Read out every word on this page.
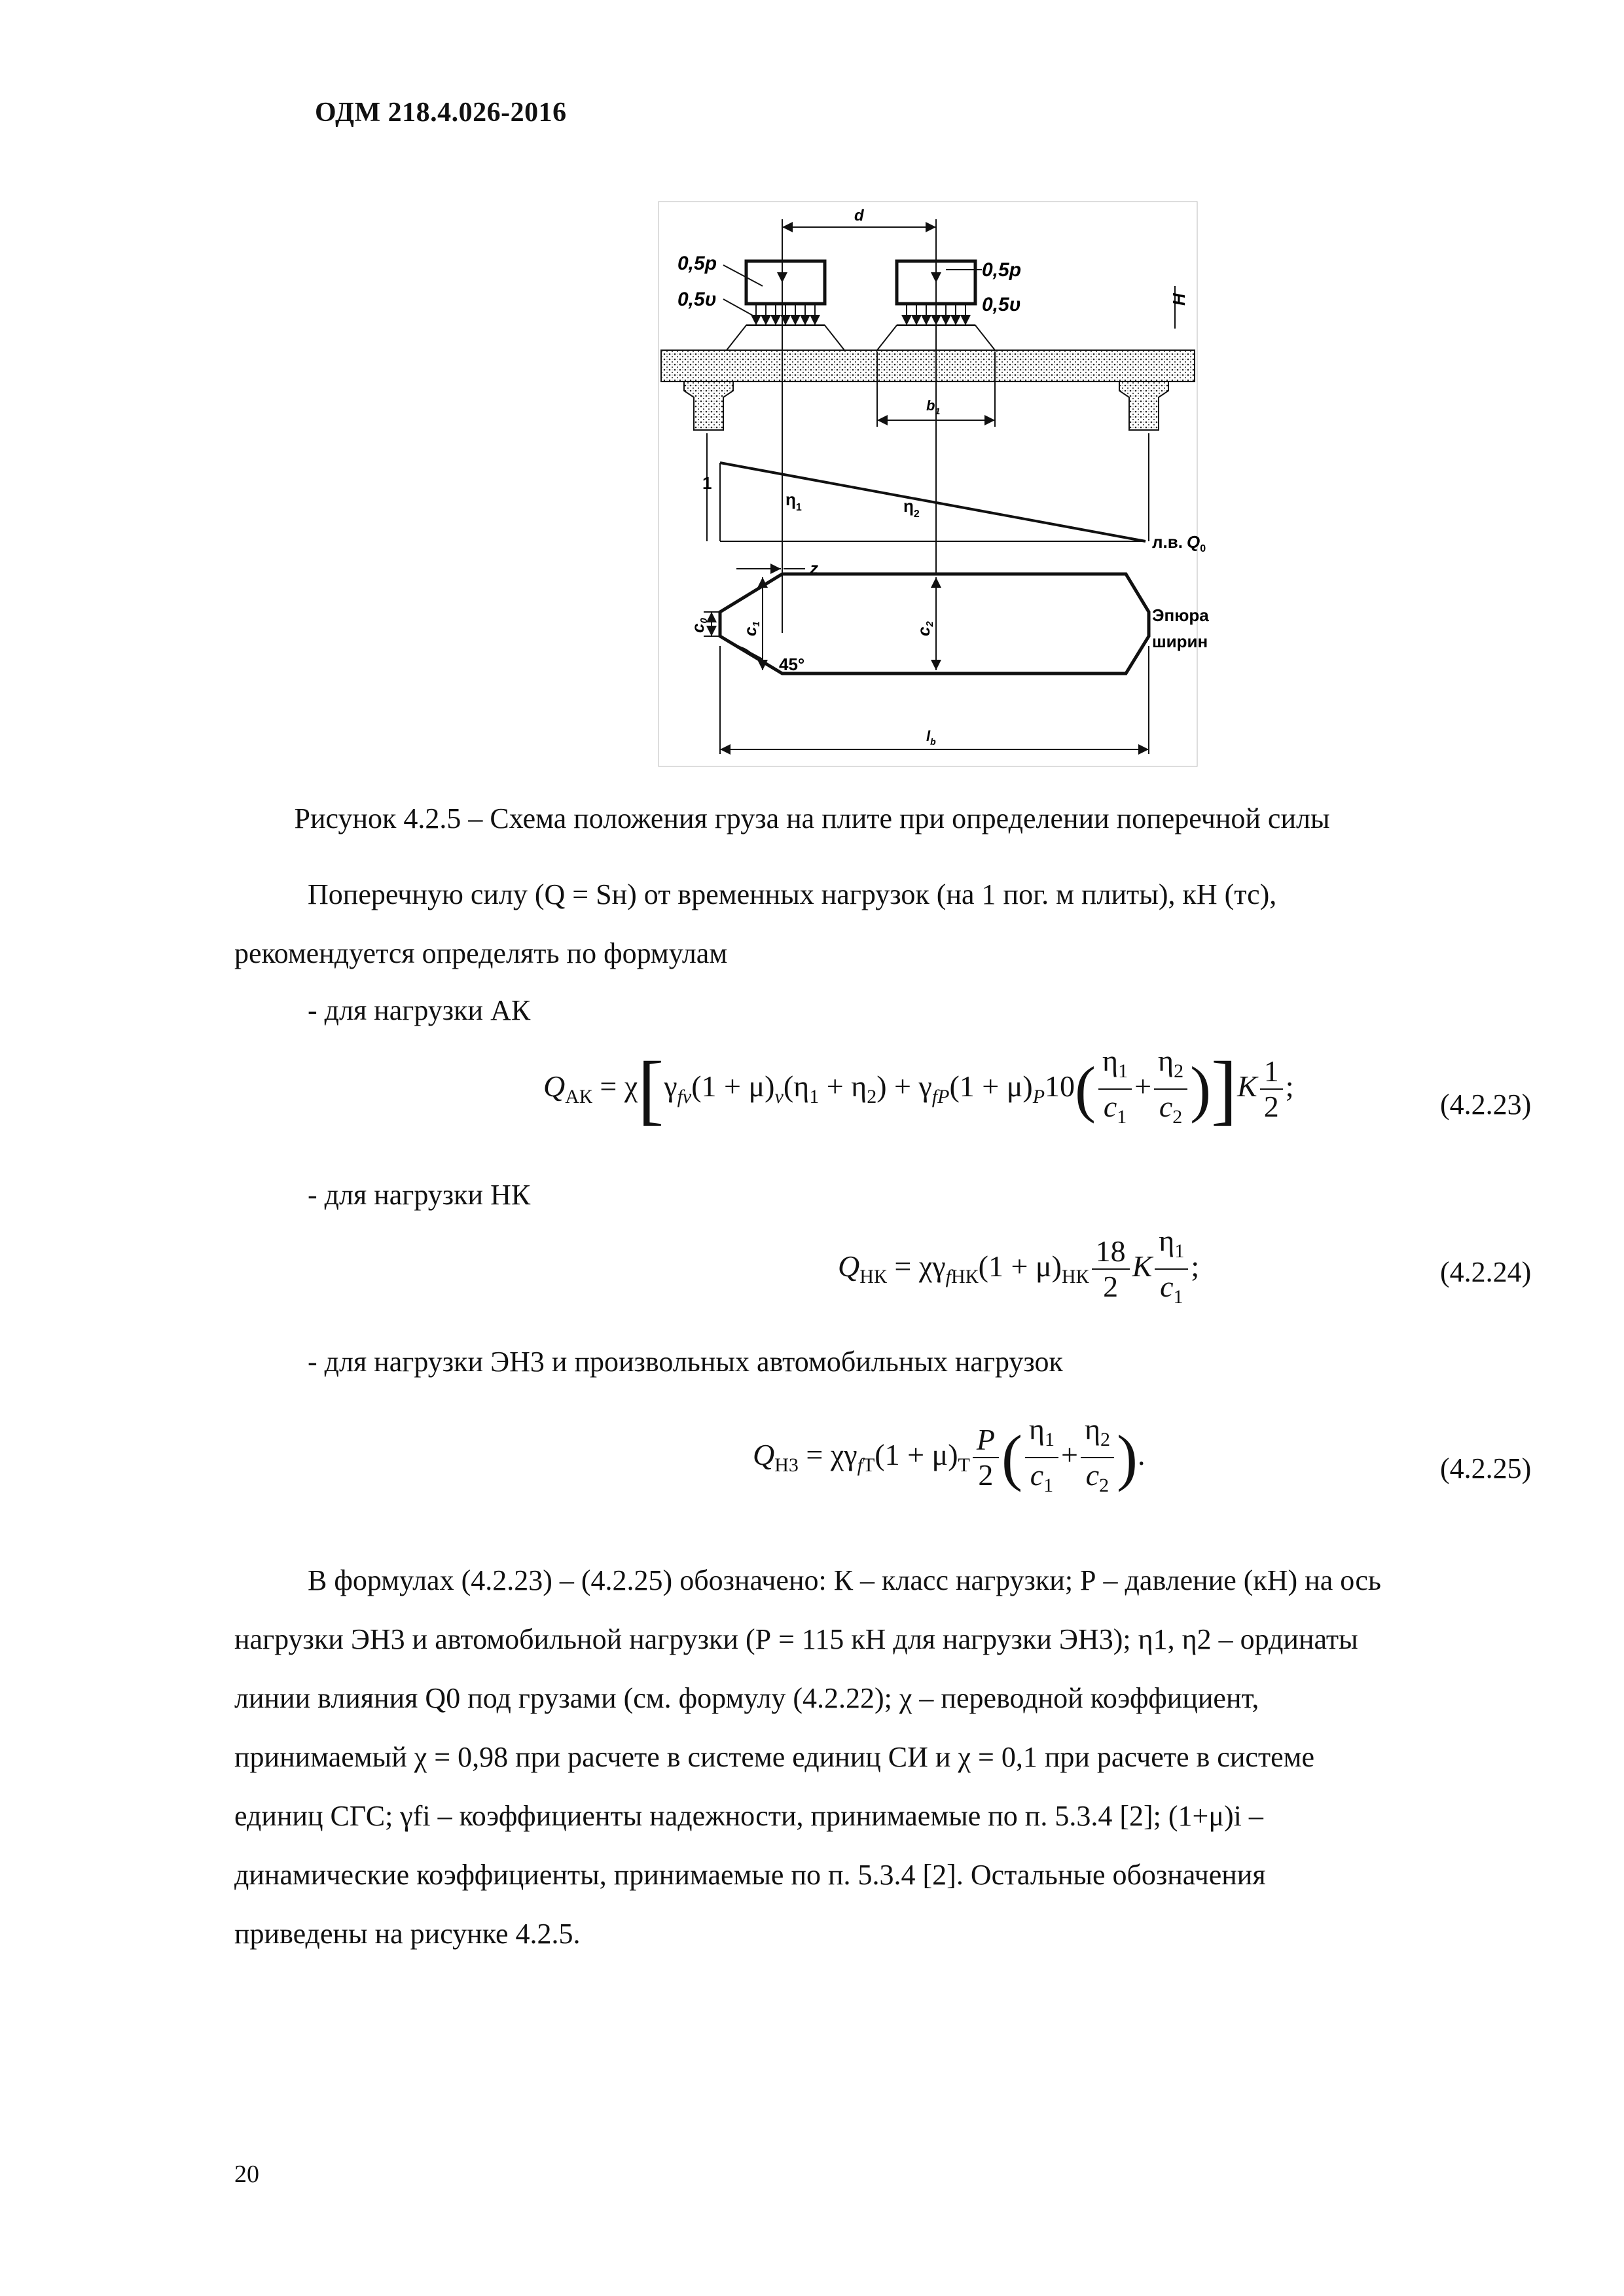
ОДМ 218.4.026-2016
d
0,5p
0,5υ
0,5p
0,5υ	H
$b_1$
1
$\eta_1$	$\eta_2$
л.в. $Q_0$
z
c0
c1
c2
45°
Эпюра
ширин
$l_b$
Рисунок 4.2.5 – Схема положения груза на плите при определении поперечной силы
Поперечную силу (Q = Sн) от временных нагрузок (на 1 пог. м плиты), кН (тс),
рекомендуется определять по формулам
- для нагрузки АК
$Q_{АК} = \chi[\gamma_{fv}(1 + \mu)_v(\eta_1 + \eta_2) + \gamma_{fP}(1 + \mu)_P10( \frac{\eta_1}{c_1} + \frac{\eta_2}{c_2} )]K \frac{1}{2}$ ;
(4.2.23)
- для нагрузки НК
$Q_{НК} = \chi\gamma_{fНК}(1 + \mu)_{НК} \frac{18}{2}$ K $\frac{\eta_1}{c_1}$ ;	(4.2.24)
- для нагрузки ЭН3 и произвольных автомобильных нагрузок
$Q_{Н3} = \chi\gamma_{fТ}(1 + \mu)_Т \frac{P}{2}$ ( $\frac{\eta_1}{c_1} + \frac{\eta_2}{c_2}$ ).	(4.2.25)
В формулах (4.2.23) – (4.2.25) обозначено: К – класс нагрузки; Р – давление (кН) на ось
нагрузки ЭН3 и автомобильной нагрузки (Р = 115 кН для нагрузки ЭН3); η1, η2 – ординаты
линии влияния Q0 под грузами (см. формулу (4.2.22); χ – переводной коэффициент,
принимаемый χ = 0,98 при расчете в системе единиц СИ и χ = 0,1 при расчете в системе
единиц СГС; γfi – коэффициенты надежности, принимаемые по п. 5.3.4 [2]; (1+μ)i –
динамические коэффициенты, принимаемые по п. 5.3.4 [2]. Остальные обозначения
приведены на рисунке 4.2.5.
20
